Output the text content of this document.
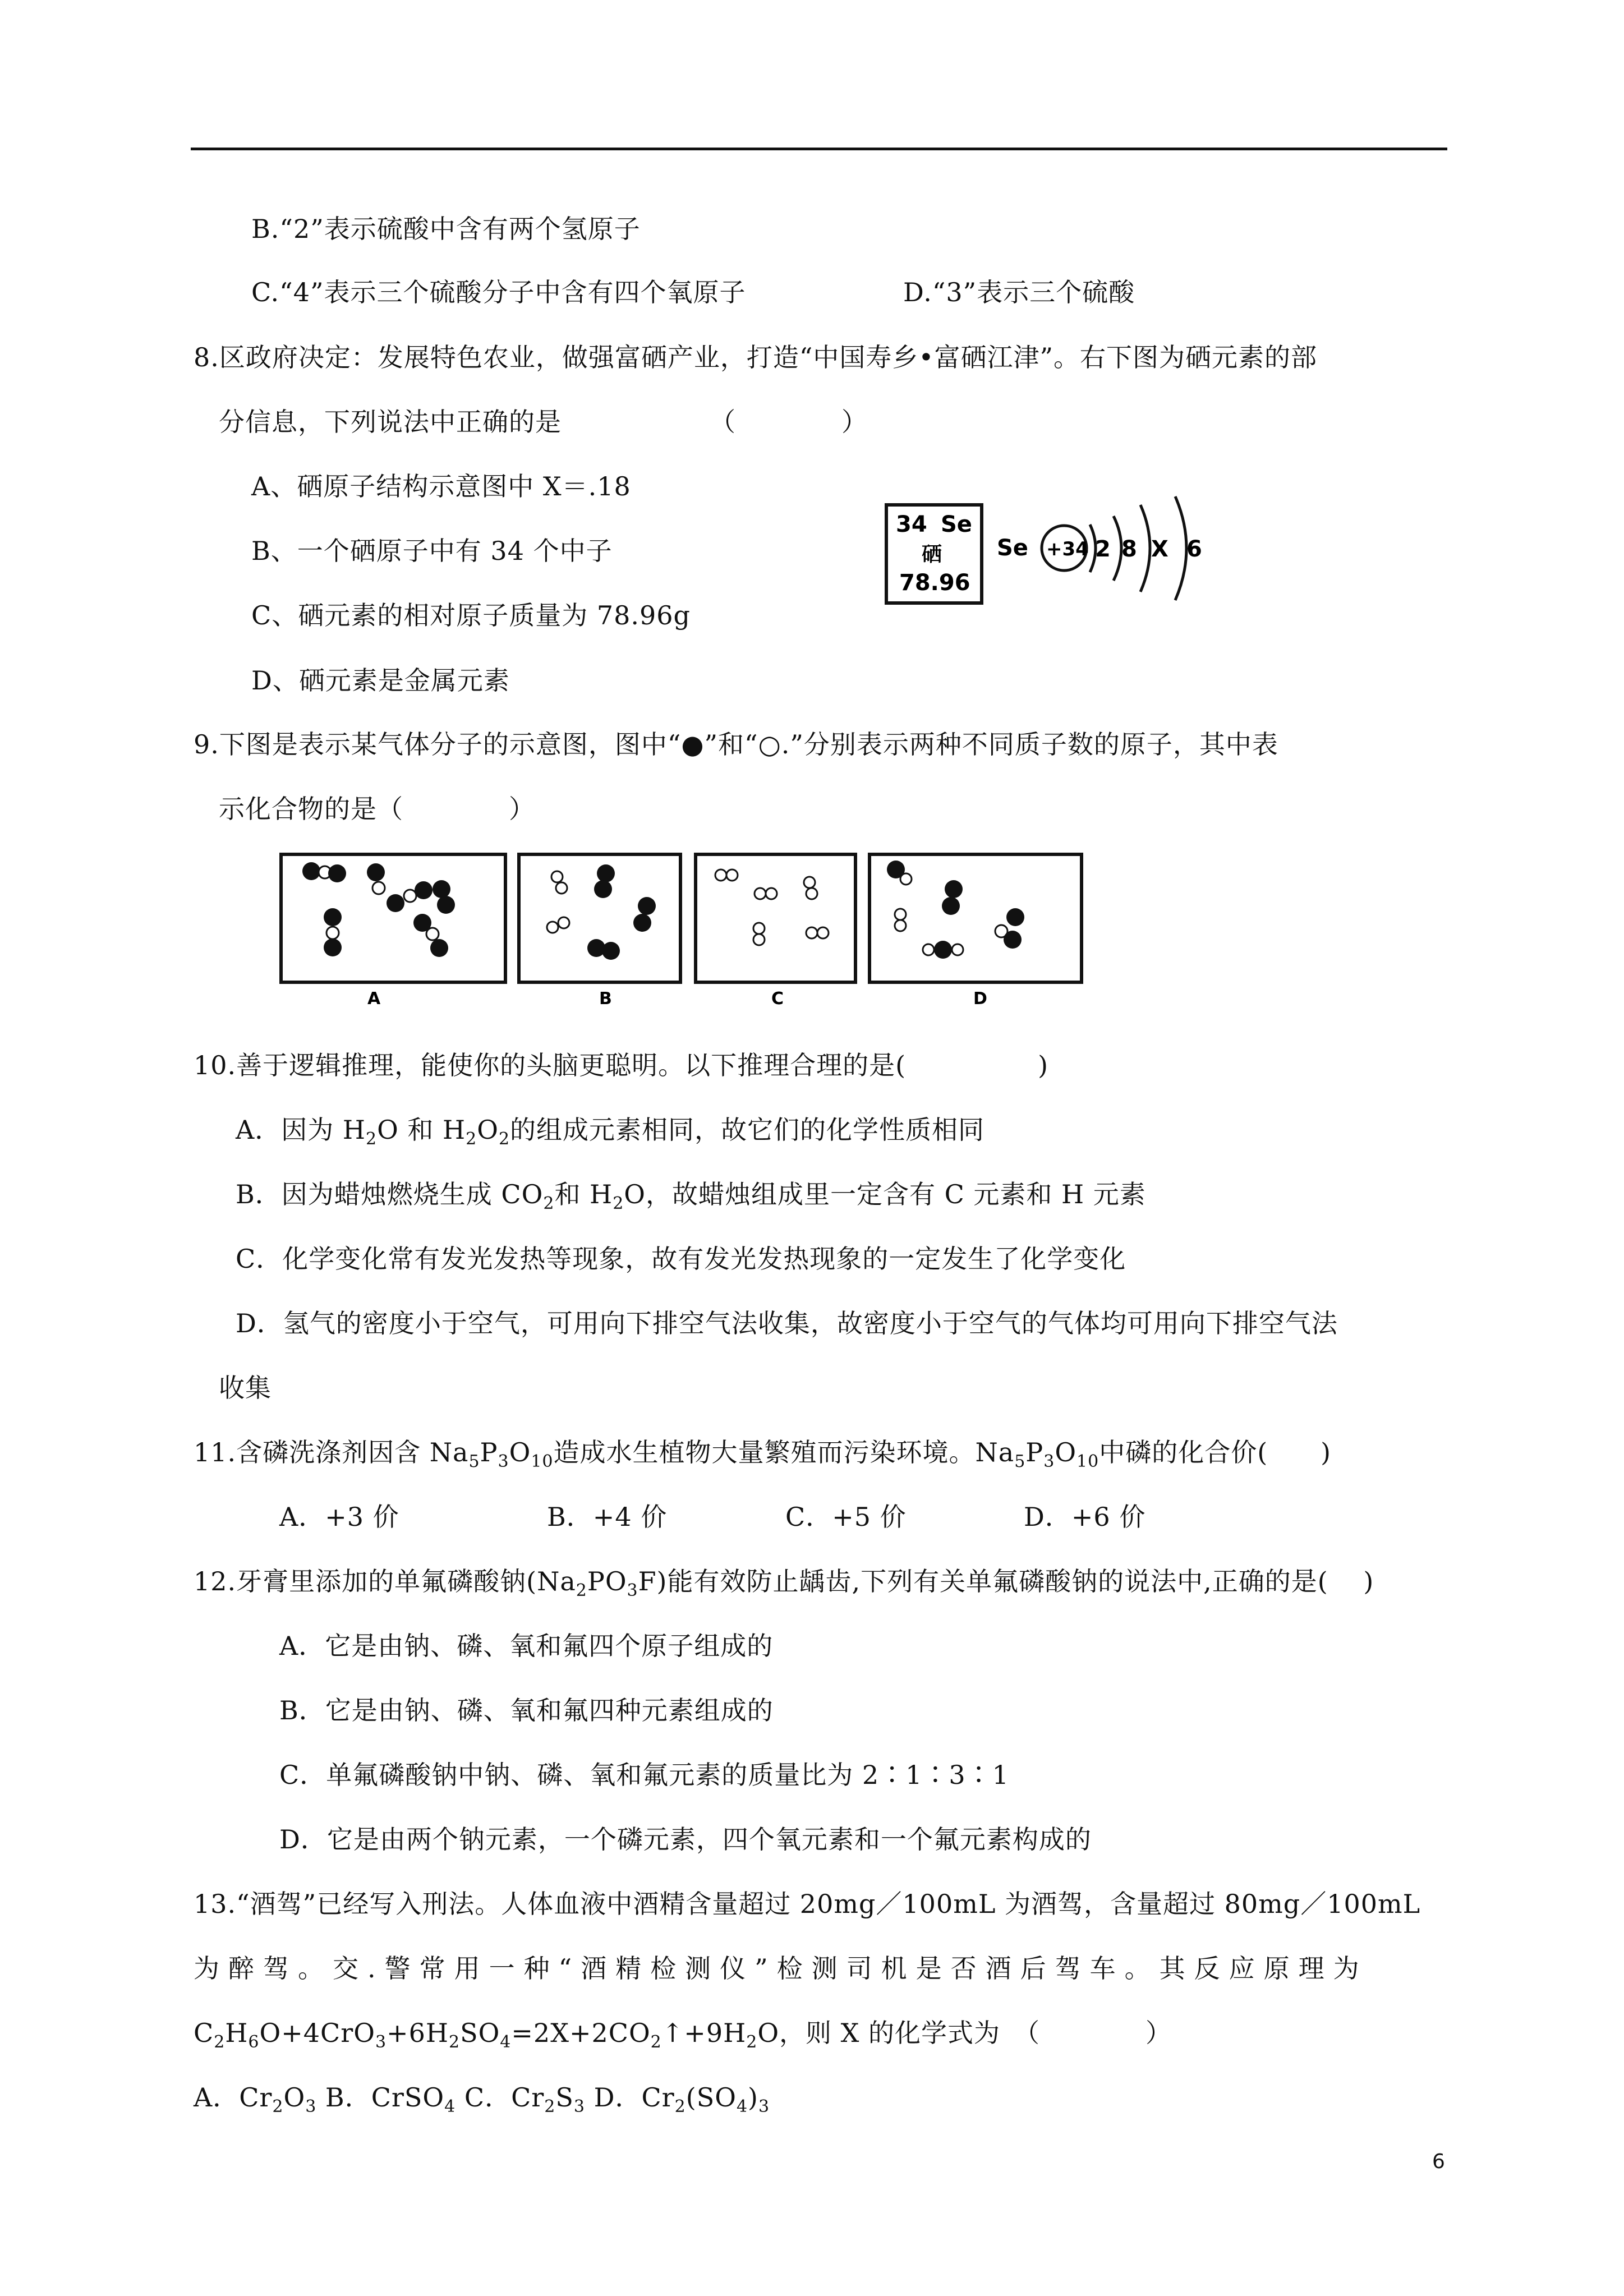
B.“2”表示硫酸中含有两个氢原子
C.“4”表示三个硫酸分子中含有四个氧原子	D.“3”表示三个硫酸
8.区政府决定：发展特色农业，做强富硒产业，打造“中国寿乡•富硒江津”。右下图为硒元素的部
分信息，下列说法中正确的是	（　　　　）
A、硒原子结构示意图中 X＝.18
B、一个硒原子中有 34 个中子
C、硒元素的相对原子质量为 78.96g
D、硒元素是金属元素
34 Se
硒
78.96
Se +34 2 8 X 6
9.下图是表示某气体分子的示意图，图中“●”和“○.”分别表示两种不同质子数的原子，其中表
示化合物的是（　　　　）
A	B	C	D
10.善于逻辑推理，能使你的头脑更聪明。以下推理合理的是(　　　　　)
A．因为 $H_2O$ 和 $H_2O_2$的组成元素相同，故它们的化学性质相同
B．因为蜡烛燃烧生成 $CO_2$和 $H_2O$，故蜡烛组成里一定含有 C 元素和 H 元素
C．化学变化常有发光发热等现象，故有发光发热现象的一定发生了化学变化
D．氢气的密度小于空气，可用向下排空气法收集，故密度小于空气的气体均可用向下排空气法
收集
11.含磷洗涤剂因含 $Na_5P_3O_{10}$造成水生植物大量繁殖而污染环境。$Na_5P_3O_{10}$中磷的化合价(　　)
A．+3 价	B．+4 价	C．+5 价	D．+6 价
12.牙膏里添加的单氟磷酸钠$(Na_2PO_3F)$能有效防止龋齿,下列有关单氟磷酸钠的说法中,正确的是(　 )
A．它是由钠、磷、氧和氟四个原子组成的
B．它是由钠、磷、氧和氟四种元素组成的
C．单氟磷酸钠中钠、磷、氧和氟元素的质量比为 2∶1∶3∶1
D．它是由两个钠元素，一个磷元素，四个氧元素和一个氟元素构成的
13.“酒驾”已经写入刑法。人体血液中酒精含量超过 20mg／100mL 为酒驾，含量超过 80mg／100mL
为醉驾。交.警常用一种“酒精检测仪”检测司机是否酒后驾车。其反应原理为
$C_2H_6O+4CrO_3+6H_2SO_4=2X+2CO_2↑+9H_2O$，则 X 的化学式为　（　　　　）
A．$Cr_2O_3$ B．CrSO$_4$ C．$Cr_2S_3$ D．$Cr_2(SO_4)_3$
6
